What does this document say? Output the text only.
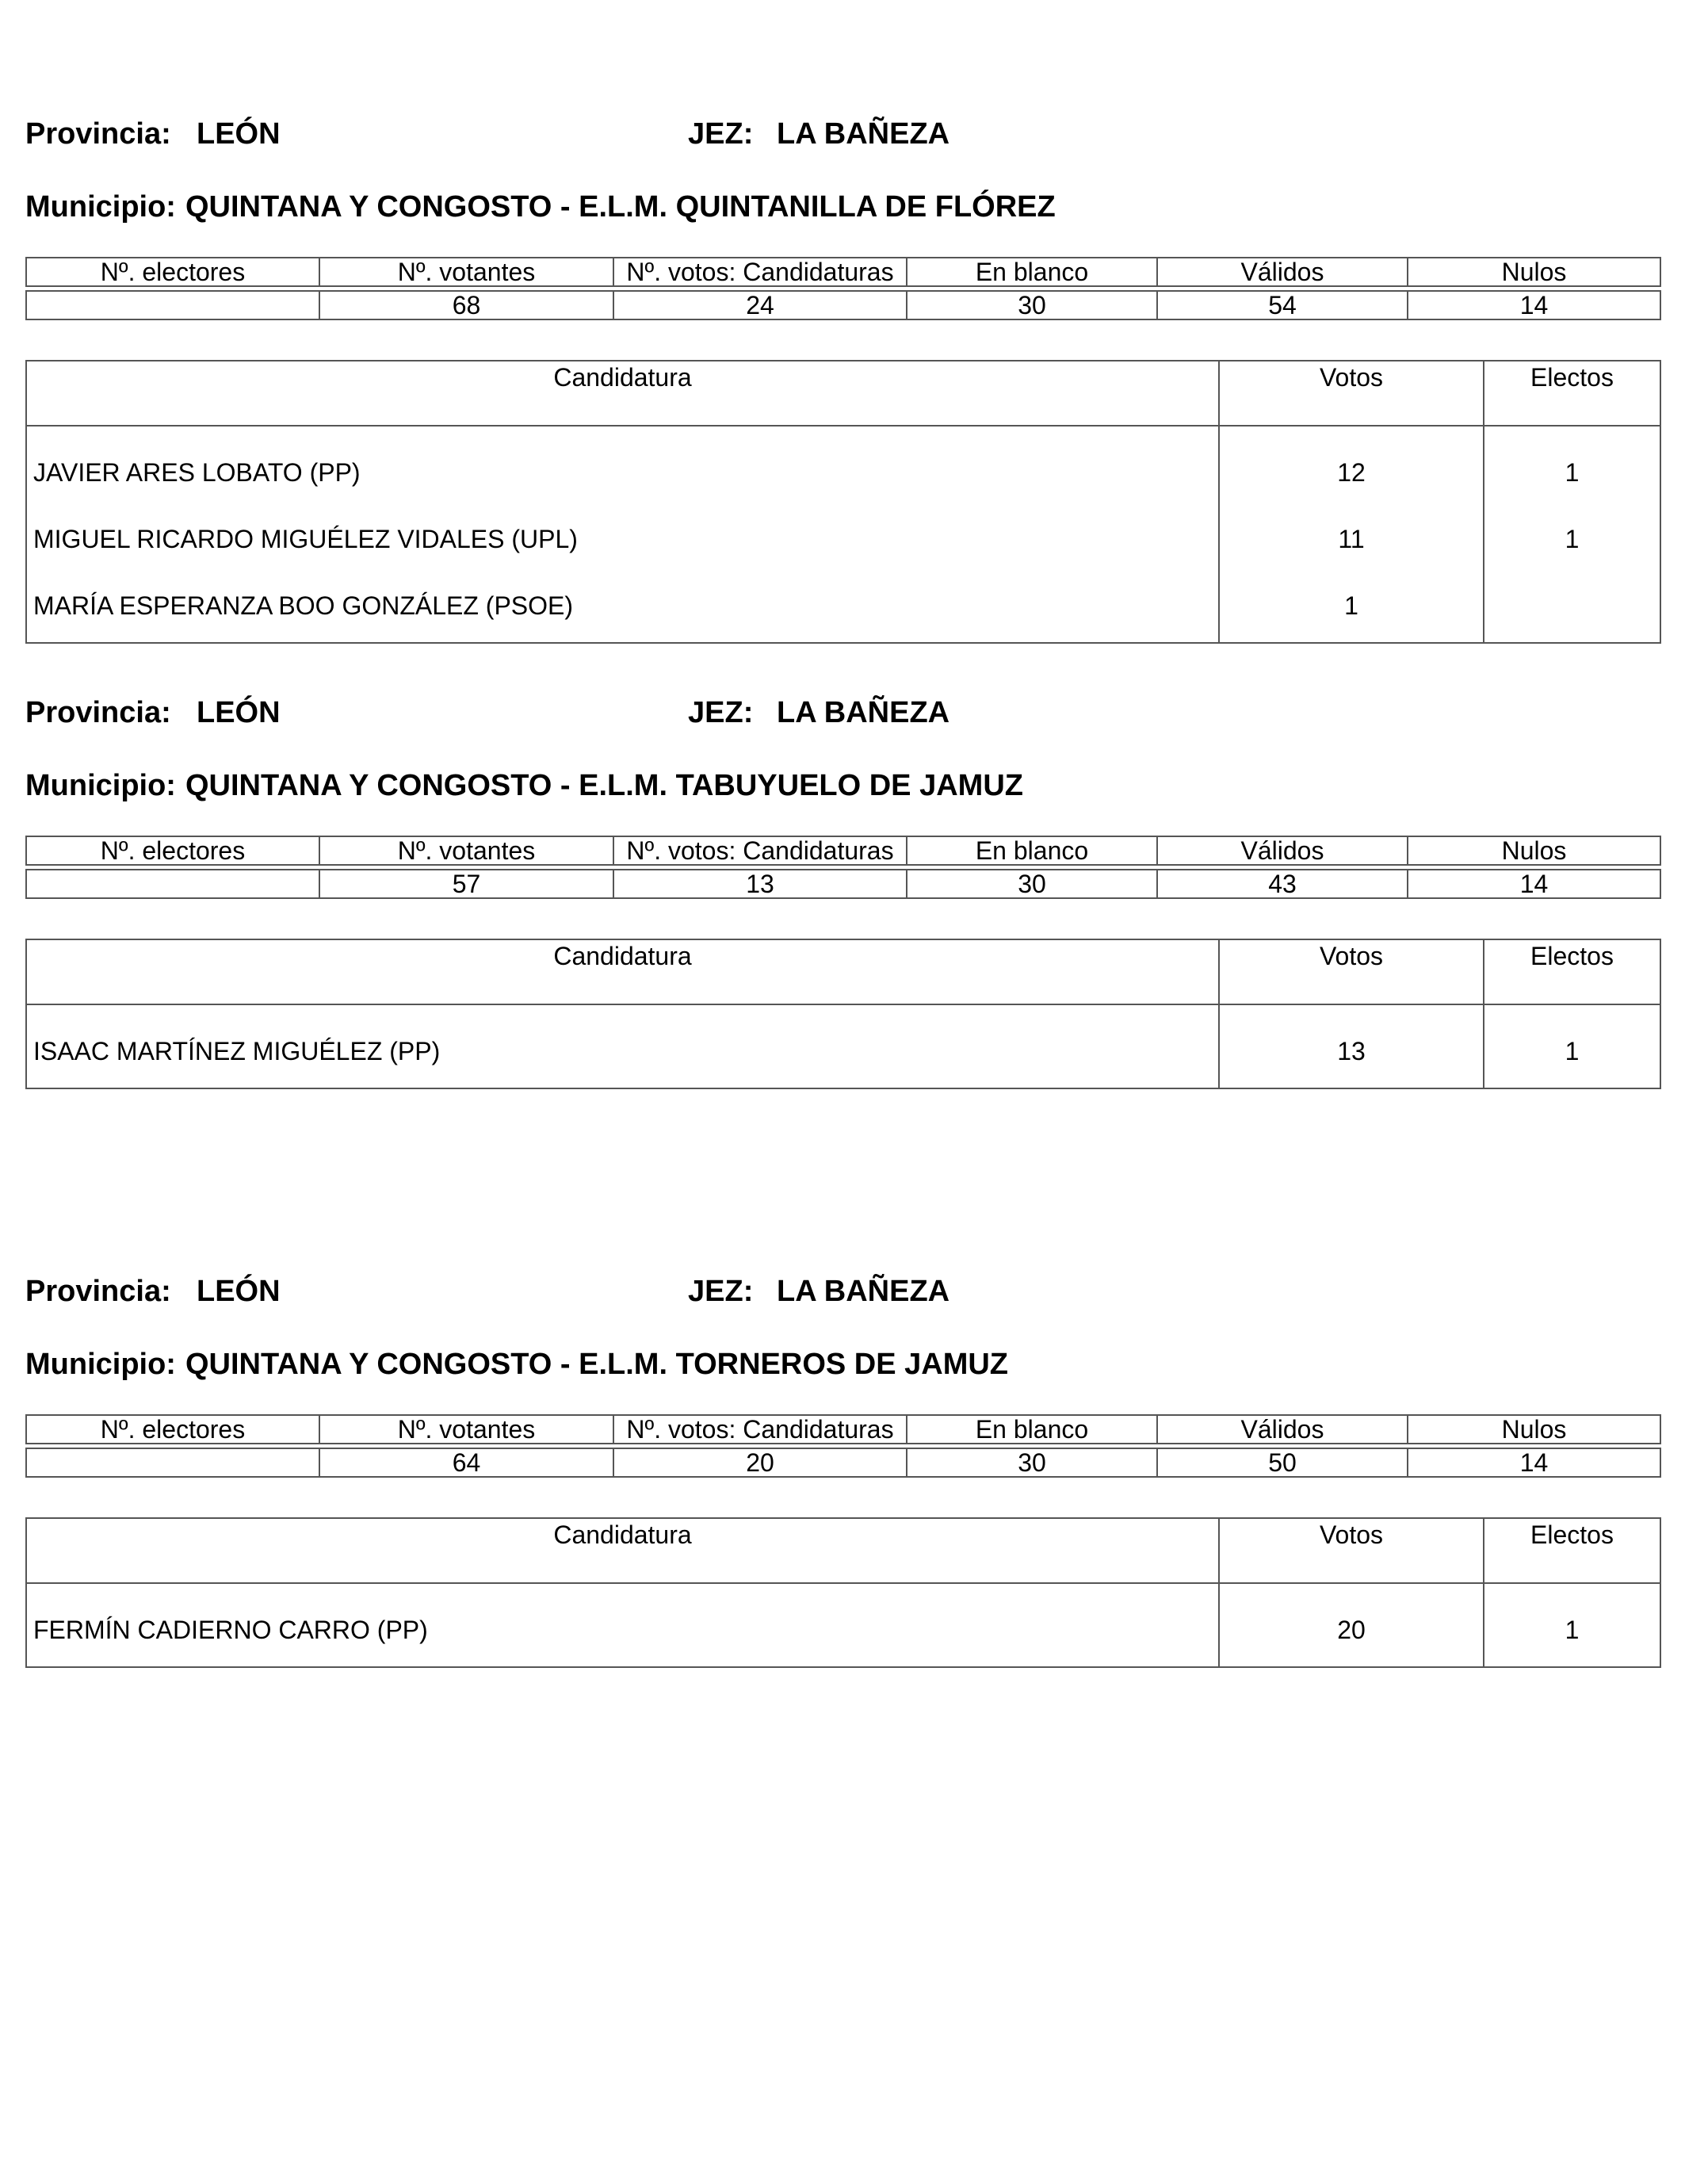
Provincia: LEÓN	JEZ: LA BAÑEZA
Municipio: QUINTANA Y CONGOSTO - E.L.M. QUINTANILLA DE FLÓREZ
Nº. electores	Nº. votantes	Nº. votos: Candidaturas	En blanco	Válidos	Nulos

	68	24	30	54	14
Candidatura	Votos	Electos
JAVIER ARES LOBATO (PP)	12	1
MIGUEL RICARDO MIGUÉLEZ VIDALES (UPL)	11	1
MARÍA ESPERANZA BOO GONZÁLEZ (PSOE)	1	
Provincia: LEÓN	JEZ: LA BAÑEZA
Municipio: QUINTANA Y CONGOSTO - E.L.M. TABUYUELO DE JAMUZ
Nº. electores	Nº. votantes	Nº. votos: Candidaturas	En blanco	Válidos	Nulos

	57	13	30	43	14
Candidatura	Votos	Electos
ISAAC MARTÍNEZ MIGUÉLEZ (PP)	13	1
Provincia: LEÓN	JEZ: LA BAÑEZA
Municipio: QUINTANA Y CONGOSTO - E.L.M. TORNEROS DE JAMUZ
Nº. electores	Nº. votantes	Nº. votos: Candidaturas	En blanco	Válidos	Nulos

	64	20	30	50	14
Candidatura	Votos	Electos
FERMÍN CADIERNO CARRO (PP)	20	1
